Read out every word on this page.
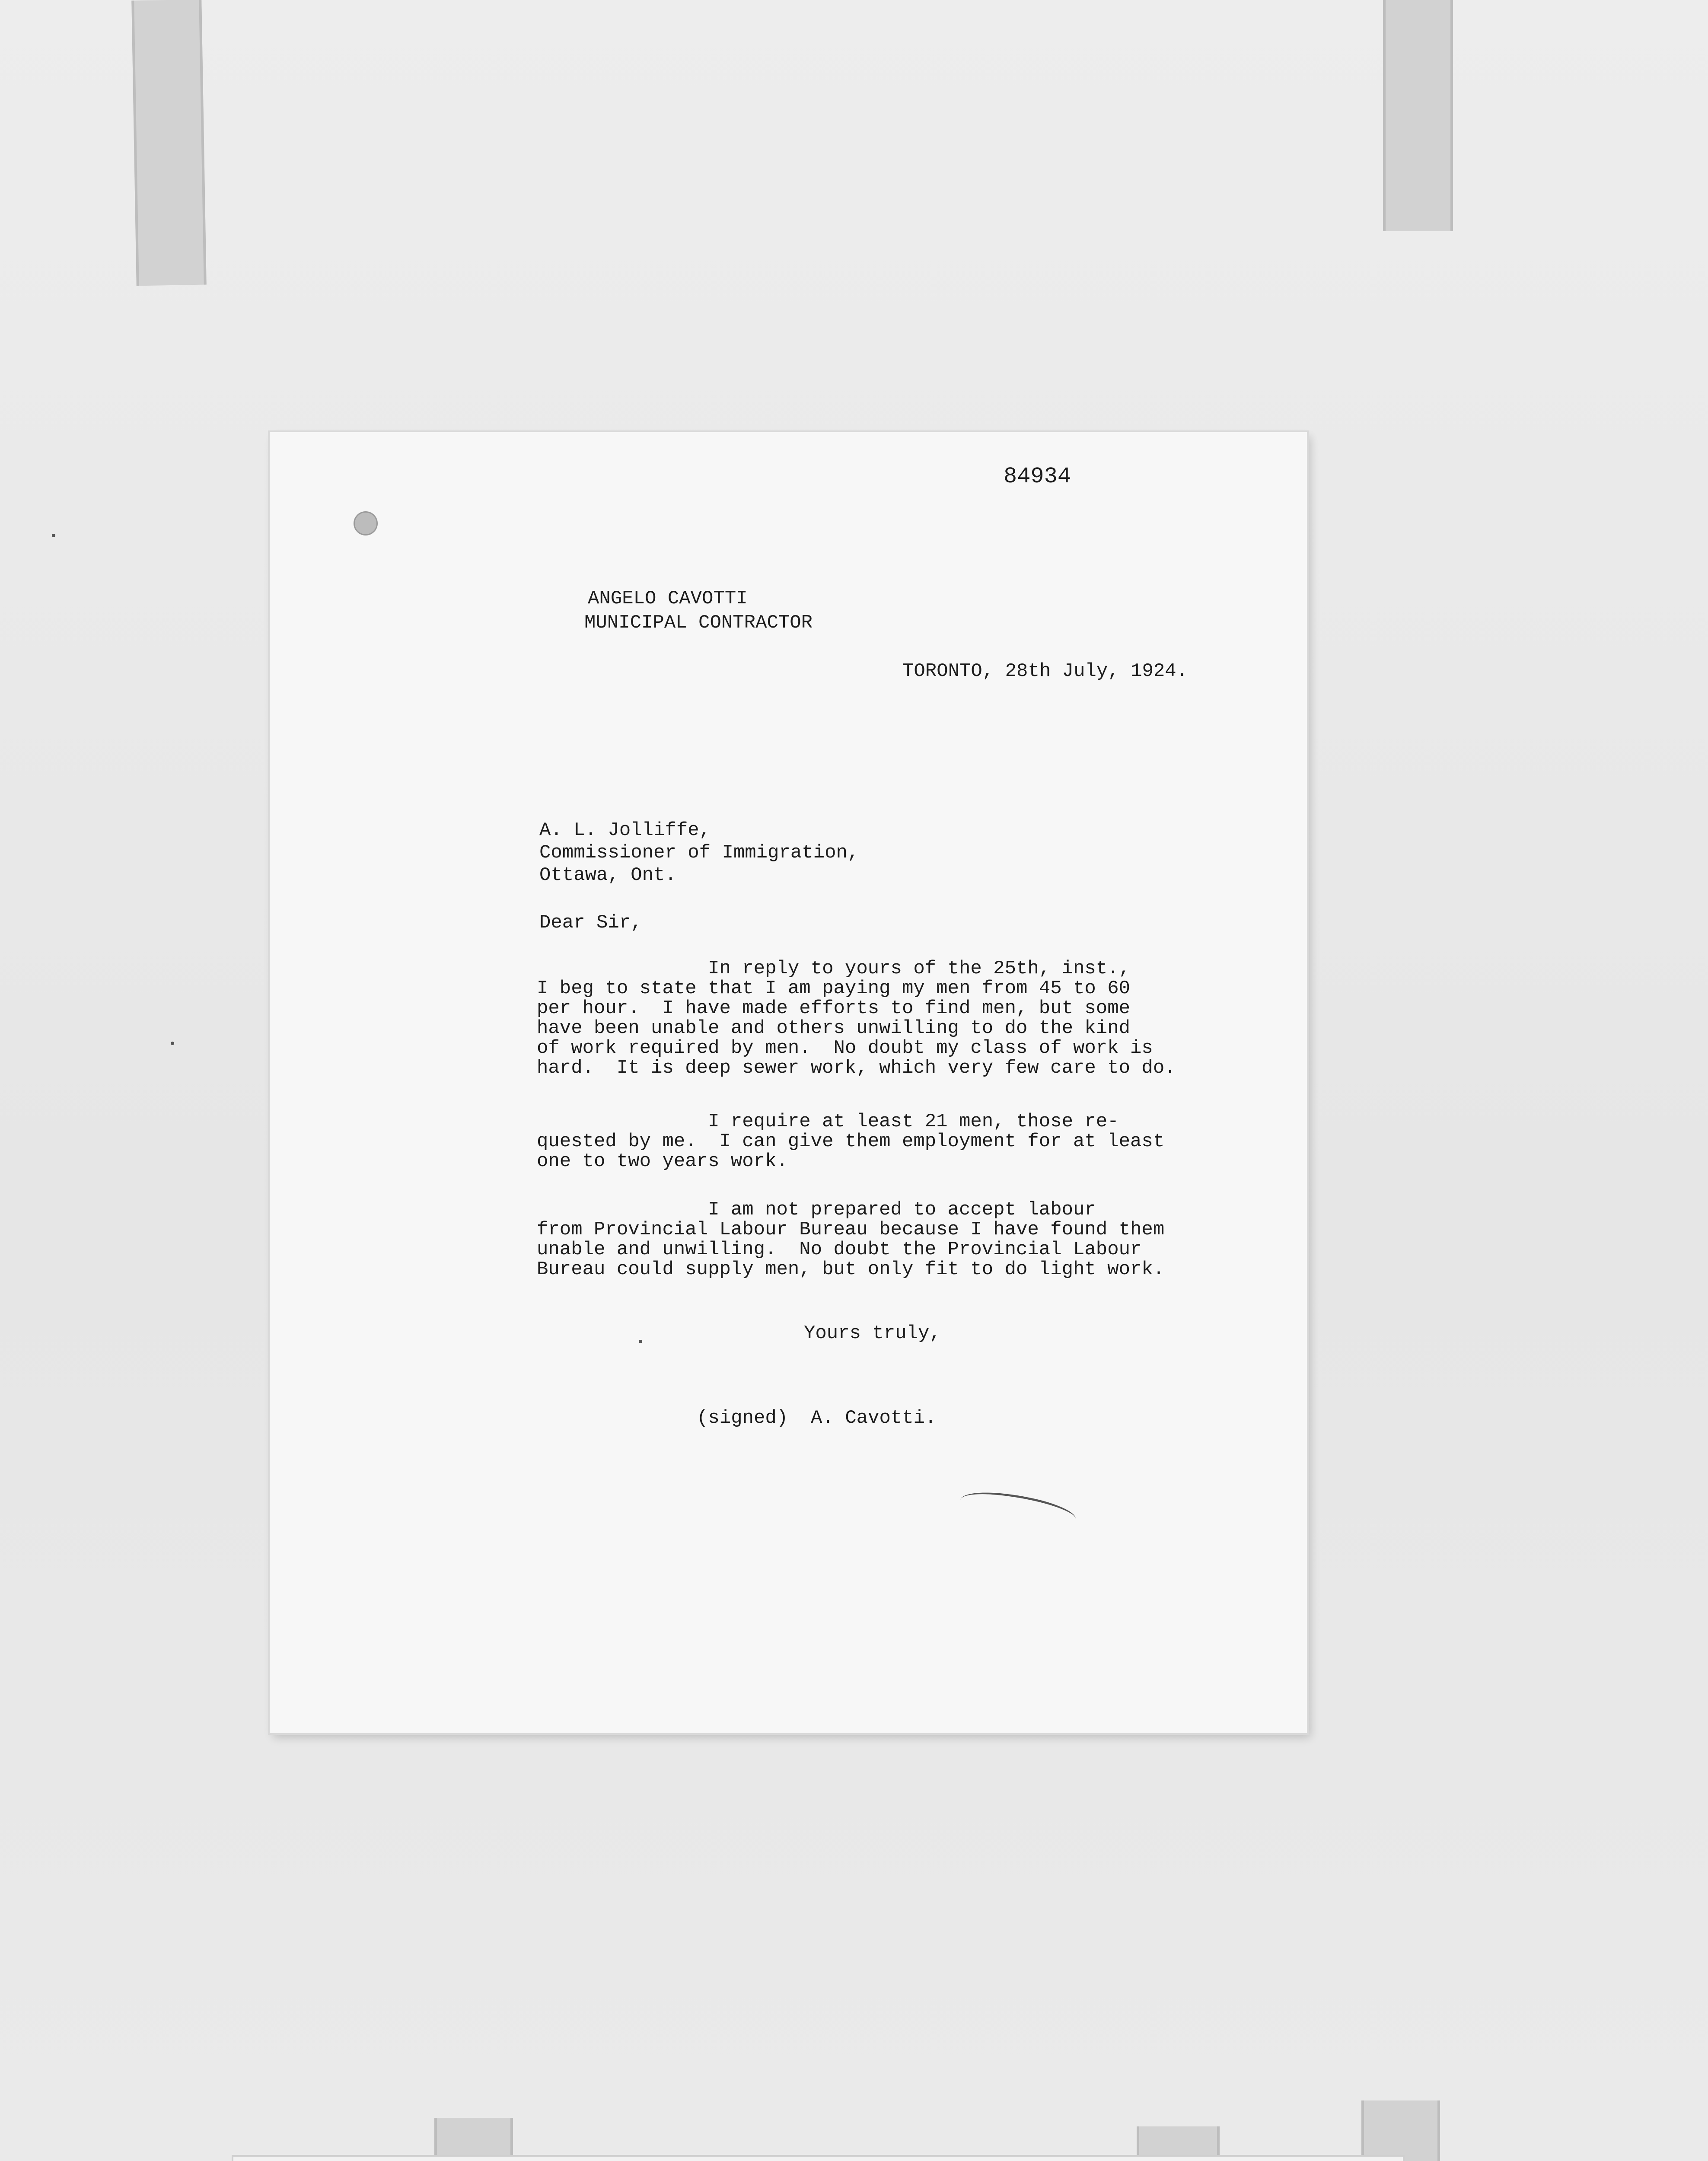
84934
ANGELO CAVOTTI
MUNICIPAL CONTRACTOR
TORONTO, 28th July, 1924.
A. L. Jolliffe,
Commissioner of Immigration,
Ottawa, Ont.
Dear Sir,
In reply to yours of the 25th, inst.,
I beg to state that I am paying my men from 45 to 60
per hour.  I have made efforts to find men, but some
have been unable and others unwilling to do the kind
of work required by men.  No doubt my class of work is
hard.  It is deep sewer work, which very few care to do.
I require at least 21 men, those re-
quested by me.  I can give them employment for at least
one to two years work.
I am not prepared to accept labour
from Provincial Labour Bureau because I have found them
unable and unwilling.  No doubt the Provincial Labour
Bureau could supply men, but only fit to do light work.
Yours truly,
(signed)  A. Cavotti.
